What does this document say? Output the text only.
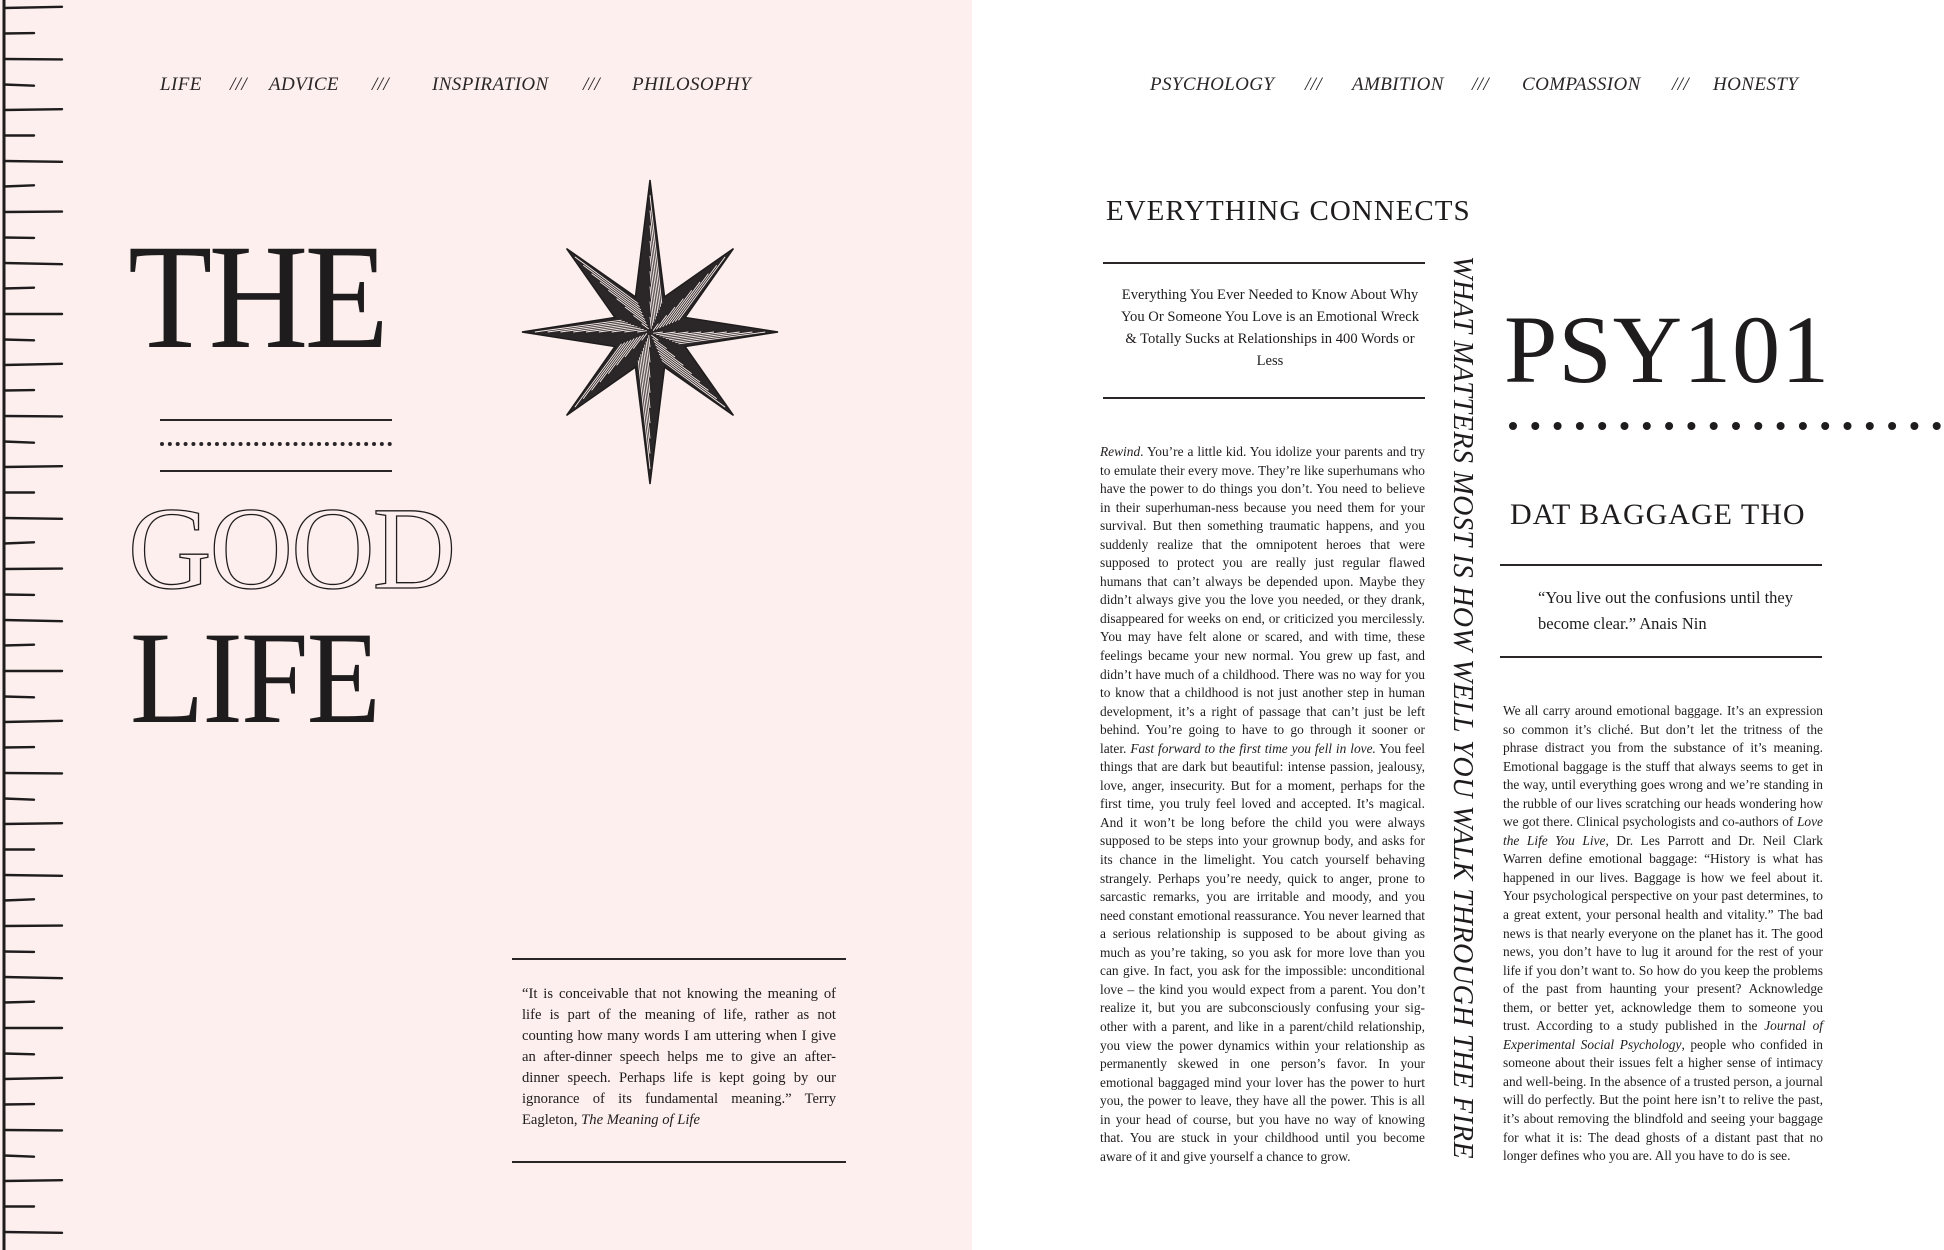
LIFE /// ADVICE /// INSPIRATION /// PHILOSOPHY
THE
GOOD
LIFE
“It is conceivable that not knowing the meaning of life is part of the meaning of life, rather as not counting how many words I am uttering when I give an after-dinner speech helps me to give an after-dinner speech. Perhaps life is kept going by our ignorance of its fundamental meaning.” Terry Eagleton, The Meaning of Life
PSYCHOLOGY /// AMBITION /// COMPASSION /// HONESTY
EVERYTHING CONNECTS
Everything You Ever Needed to Know About Why You Or Someone You Love is an Emotional Wreck & Totally Sucks at Relationships in 400 Words or Less

Rewind. You’re a little kid. You idolize your parents and try to emulate their every move. They’re like superhumans who have the power to do things you don’t. You need to believe in their superhuman-ness because you need them for your survival. But then something traumatic happens, and you suddenly realize that the omnipotent heroes that were supposed to protect you are really just regular flawed humans that can’t always be depended upon. Maybe they didn’t always give you the love you needed, or they drank, disappeared for weeks on end, or criticized you mercilessly. You may have felt alone or scared, and with time, these feelings became your new normal. You grew up fast, and didn’t have much of a childhood. There was no way for you to know that a childhood is not just another step in human development, it’s a right of passage that can’t just be left behind. You’re going to have to go through it sooner or later. Fast forward to the first time you fell in love. You feel things that are dark but beautiful: intense passion, jealousy, love, anger, insecurity. But for a moment, perhaps for the first time, you truly feel loved and accepted. It’s magical. And it won’t be long before the child you were always supposed to be steps into your grownup body, and asks for its chance in the limelight. You catch yourself behaving strangely. Perhaps you’re needy, quick to anger, prone to sarcastic remarks, you are irritable and moody, and you need constant emotional reassurance. You never learned that a serious relationship is supposed to be about giving as much as you’re taking, so you ask for more love than you can give. In fact, you ask for the impossible: unconditional love – the kind you would expect from a parent. You don’t realize it, but you are subconsciously confusing your sig-other with a parent, and like in a parent/child relationship, you view the power dynamics within your relationship as permanently skewed in one person’s favor. In your emotional baggaged mind your lover has the power to hurt you, the power to leave, they have all the power. This is all in your head of course, but you have no way of knowing that. You are stuck in your childhood until you become aware of it and give yourself a chance to grow.	WHAT MATTERS MOST IS HOW WELL YOU WALK THROUGH THE FIRE PSY101
DAT BAGGAGE THO
“You live out the confusions until they become clear.” Anais Nin

We all carry around emotional baggage. It’s an expression so common it’s cliché. But don’t let the tritness of the phrase distract you from the substance of it’s meaning. Emotional baggage is the stuff that always seems to get in the way, until everything goes wrong and we’re standing in the rubble of our lives scratching our heads wondering how we got there. Clinical psychologists and co-authors of Love the Life You Live, Dr. Les Parrott and Dr. Neil Clark Warren define emotional baggage: “History is what has happened in our lives. Baggage is how we feel about it. Your psychological perspective on your past determines, to a great extent, your personal health and vitality.” The bad news is that nearly everyone on the planet has it. The good news, you don’t have to lug it around for the rest of your life if you don’t want to. So how do you keep the problems of the past from haunting your present? Acknowledge them, or better yet, acknowledge them to someone you trust. According to a study published in the Journal of Experimental Social Psychology, people who confided in someone about their issues felt a higher sense of intimacy and well-being. In the absence of a trusted person, a journal will do perfectly. But the point here isn’t to relive the past, it’s about removing the blindfold and seeing your baggage for what it is: The dead ghosts of a distant past that no longer defines who you are. All you have to do is see.
